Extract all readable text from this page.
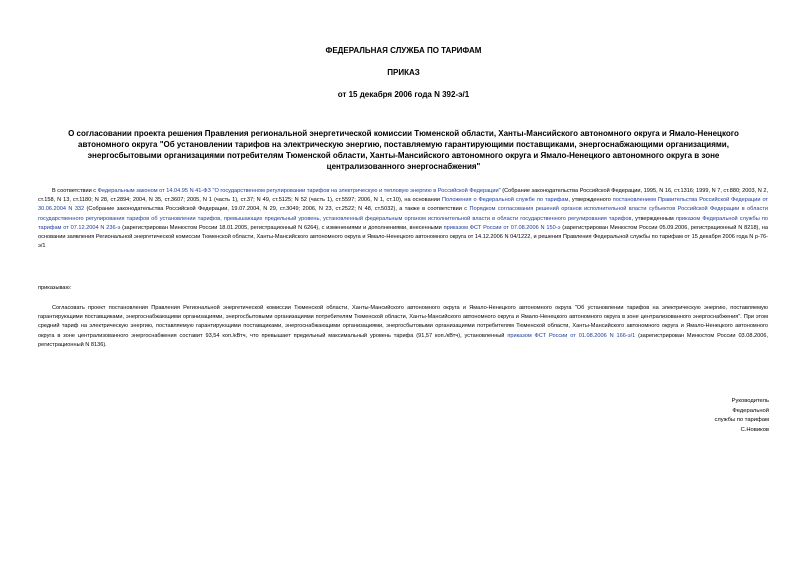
ФЕДЕРАЛЬНАЯ СЛУЖБА ПО ТАРИФАМ
ПРИКАЗ
от 15 декабря 2006 года N 392-э/1
О согласовании проекта решения Правления региональной энергетической комиссии Тюменской области, Ханты-Мансийского автономного округа и Ямало-Ненецкого автономного округа "Об установлении тарифов на электрическую энергию, поставляемую гарантирующими поставщиками, энергоснабжающими организациями, энергосбытовыми организациями потребителям Тюменской области, Ханты-Мансийского автономного округа и Ямало-Ненецкого автономного округа в зоне централизованного энергоснабжения"
В соответствии с Федеральным законом от 14.04.95 N 41-ФЗ "О государственном регулировании тарифов на электрическую и тепловую энергию в Российской Федерации" (Собрание законодательства Российской Федерации, 1995, N 16, ст.1316; 1999, N 7, ст.880; 2003, N 2, ст.158, N 13, ст.1180; N 28, ст.2894; 2004, N 35, ст.3607; 2005, N 1 (часть 1), ст.37; N 49, ст.5125; N 52 (часть 1), ст.5597; 2006, N 1, ст.10), на основании Положения о Федеральной службе по тарифам, утвержденного постановлением Правительства Российской Федерации от 30.06.2004 N 332 (Собрание законодательства Российской Федерации, 19.07.2004, N 29, ст.3049; 2006, N 23, ст.2522; N 48, ст.5032), а также в соответствии с Порядком согласования решений органов исполнительной власти субъектов Российской Федерации в области государственного регулирования тарифов об установлении тарифов, превышающих предельный уровень, установленный федеральным органом исполнительной власти в области государственного регулирования тарифов, утвержденным приказом Федеральной службы по тарифам от 07.12.2004 N 236-э (зарегистрирован Минюстом России 18.01.2005, регистрационный N 6264), с изменениями и дополнениями, внесенными приказом ФСТ России от 07.08.2006 N 150-э (зарегистрирован Минюстом России 05.09.2006, регистрационный N 8218), на основании заявления Региональной энергетической комиссии Тюменской области, Ханты-Мансийского автономного округа и Ямало-Ненецкого автономного округа от 14.12.2006 N 04/1222, и решения Правления Федеральной службы по тарифам от 15 декабря 2006 года N р-76-э/1
приказываю:
Согласовать проект постановления Правления Региональной энергетической комиссии Тюменской области, Ханты-Мансийского автономного округа и Ямало-Ненецкого автономного округа "Об установлении тарифов на электрическую энергию, поставляемую гарантирующими поставщиками, энергоснабжающими организациями, энергосбытовыми организациями потребителям Тюменской области, Ханты-Мансийского автономного округа и Ямало-Ненецкого автономного округа в зоне централизованного энергоснабжения". При этом средний тариф на электрическую энергию, поставляемую гарантирующими поставщиками, энергоснабжающими организациями, энергосбытовыми организациями потребителям Тюменской области, Ханты-Мансийского автономного округа и Ямало-Ненецкого автономного округа в зоне централизованного энергоснабжения составит 93,54 коп./кВтч, что превышает предельный максимальный уровень тарифа (91,57 коп./кВтч), установленный приказом ФСТ России от 01.08.2006 N 166-э/1 (зарегистрирован Минюстом России 03.08.2006, регистрационный N 8136).
Руководитель
Федеральной
службы по тарифам
С.Новиков
